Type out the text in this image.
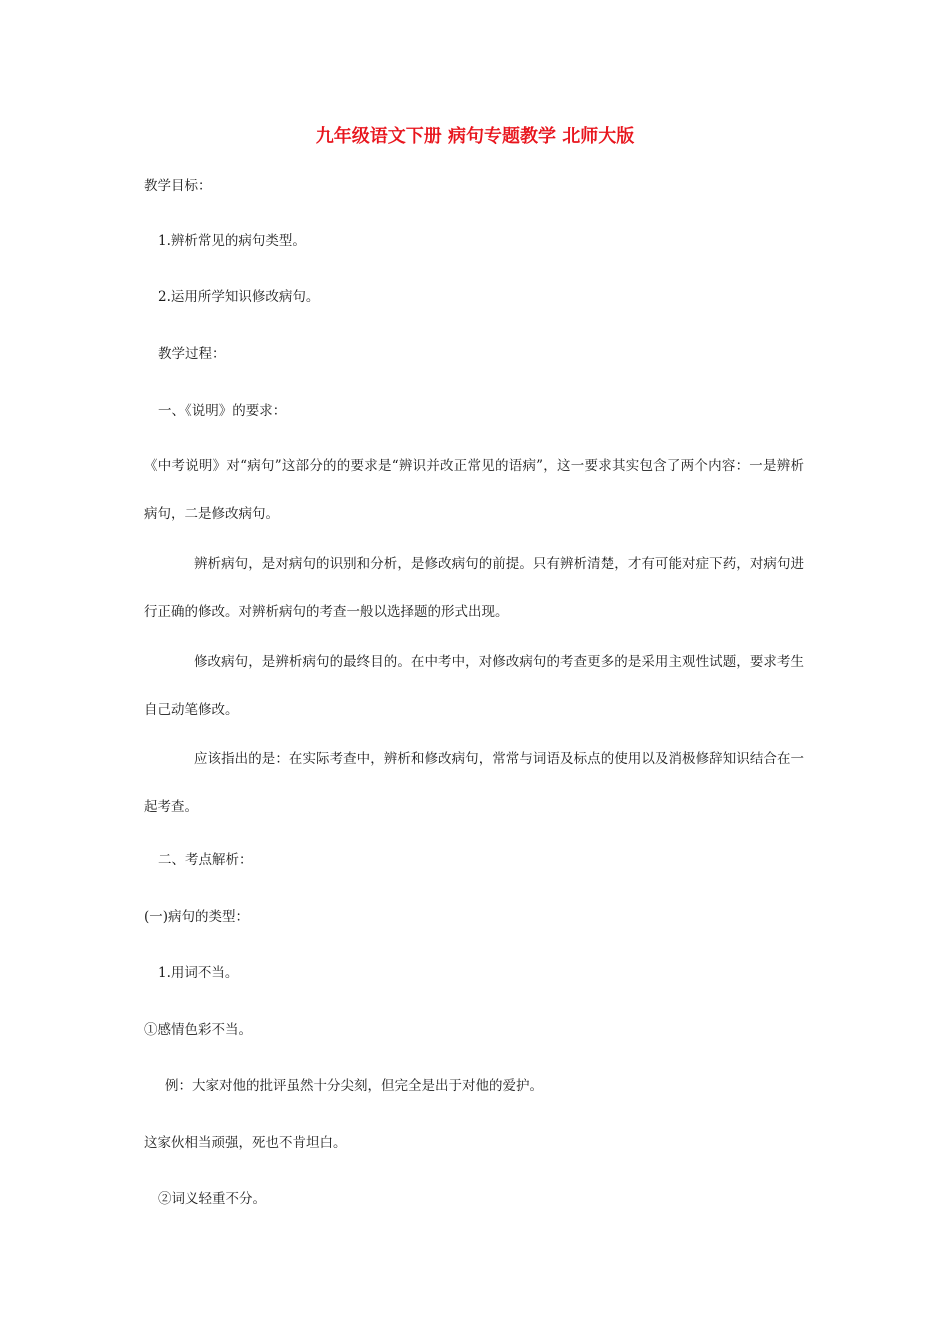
九年级语文下册 病句专题教学 北师大版
教学目标：
1.辨析常见的病句类型。
2.运用所学知识修改病句。
教学过程：
一、《说明》的要求：

《中考说明》对“病句”这部分的的要求是“辨识并改正常见的语病”，这一要求其实包含了两个内容：一是辨析病句，二是修改病句。

辨析病句，是对病句的识别和分析，是修改病句的前提。只有辨析清楚，才有可能对症下药，对病句进行正确的修改。对辨析病句的考查一般以选择题的形式出现。

修改病句，是辨析病句的最终目的。在中考中，对修改病句的考查更多的是采用主观性试题，要求考生自己动笔修改。

应该指出的是：在实际考查中，辨析和修改病句，常常与词语及标点的使用以及消极修辞知识结合在一起考查。

二、考点解析：
(一)病句的类型：
1.用词不当。
①感情色彩不当。
例：大家对他的批评虽然十分尖刻，但完全是出于对他的爱护。
这家伙相当顽强，死也不肯坦白。
②词义轻重不分。
